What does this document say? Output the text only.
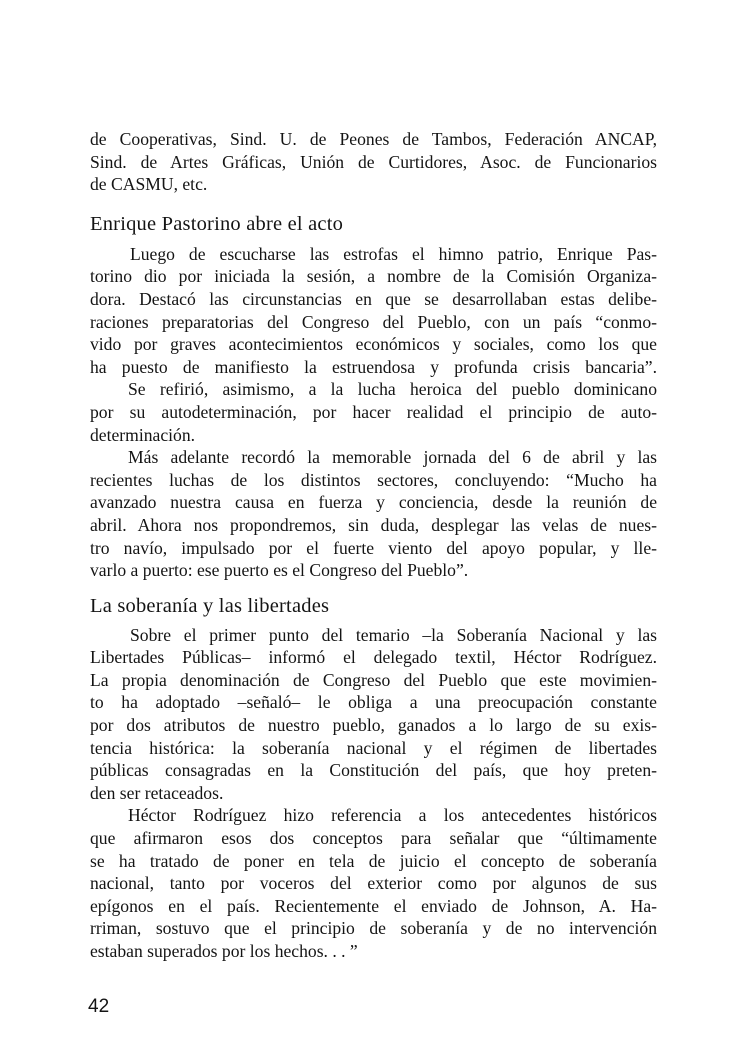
de Cooperativas, Sind. U. de Peones de Tambos, Federación ANCAP,
Sind. de Artes Gráficas, Unión de Curtidores, Asoc. de Funcionarios
de CASMU, etc.
Enrique Pastorino abre el acto
Luego de escucharse las estrofas el himno patrio, Enrique Pas-
torino dio por iniciada la sesión, a nombre de la Comisión Organiza-
dora. Destacó las circunstancias en que se desarrollaban estas delibe-
raciones preparatorias del Congreso del Pueblo, con un país “conmo-
vido por graves acontecimientos económicos y sociales, como los que
ha puesto de manifiesto la estruendosa y profunda crisis bancaria”.
Se refirió, asimismo, a la lucha heroica del pueblo dominicano
por su autodeterminación, por hacer realidad el principio de auto-
determinación.
Más adelante recordó la memorable jornada del 6 de abril y las
recientes luchas de los distintos sectores, concluyendo: “Mucho ha
avanzado nuestra causa en fuerza y conciencia, desde la reunión de
abril. Ahora nos propondremos, sin duda, desplegar las velas de nues-
tro navío, impulsado por el fuerte viento del apoyo popular, y lle-
varlo a puerto: ese puerto es el Congreso del Pueblo”.
La soberanía y las libertades
Sobre el primer punto del temario –la Soberanía Nacional y las
Libertades Públicas– informó el delegado textil, Héctor Rodríguez.
La propia denominación de Congreso del Pueblo que este movimien-
to ha adoptado –señaló– le obliga a una preocupación constante
por dos atributos de nuestro pueblo, ganados a lo largo de su exis-
tencia histórica: la soberanía nacional y el régimen de libertades
públicas consagradas en la Constitución del país, que hoy preten-
den ser retaceados.
Héctor Rodríguez hizo referencia a los antecedentes históricos
que afirmaron esos dos conceptos para señalar que “últimamente
se ha tratado de poner en tela de juicio el concepto de soberanía
nacional, tanto por voceros del exterior como por algunos de sus
epígonos en el país. Recientemente el enviado de Johnson, A. Ha-
rriman, sostuvo que el principio de soberanía y de no intervención
estaban superados por los hechos. . . ”
42
